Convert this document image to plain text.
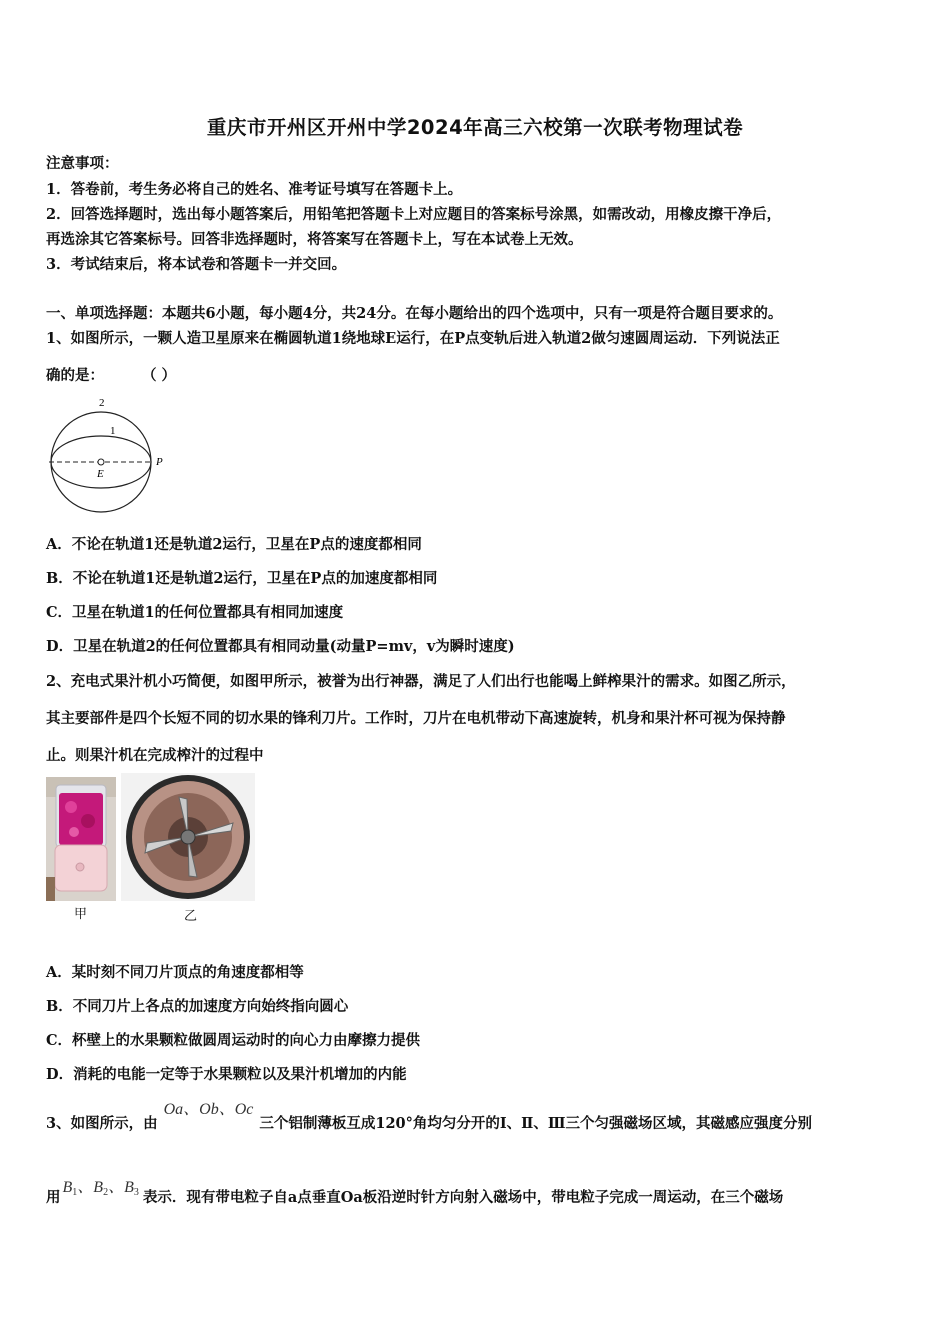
重庆市开州区开州中学2024年高三六校第一次联考物理试卷
注意事项：
1．答卷前，考生务必将自己的姓名、准考证号填写在答题卡上。
2．回答选择题时，选出每小题答案后，用铅笔把答题卡上对应题目的答案标号涂黑，如需改动，用橡皮擦干净后，
再选涂其它答案标号。回答非选择题时，将答案写在答题卡上，写在本试卷上无效。
3．考试结束后，将本试卷和答题卡一并交回。
一、单项选择题：本题共6小题，每小题4分，共24分。在每小题给出的四个选项中，只有一项是符合题目要求的。
1、如图所示，一颗人造卫星原来在椭圆轨道1绕地球E运行，在P点变轨后进入轨道2做匀速圆周运动．下列说法正
确的是：	（ ）
2
1
E
P
A．不论在轨道1还是轨道2运行，卫星在P点的速度都相同
B．不论在轨道1还是轨道2运行，卫星在P点的加速度都相同
C．卫星在轨道1的任何位置都具有相同加速度
D．卫星在轨道2的任何位置都具有相同动量(动量P=mv，v为瞬时速度)
2、充电式果汁机小巧简便，如图甲所示，被誉为出行神器，满足了人们出行也能喝上鲜榨果汁的需求。如图乙所示，
其主要部件是四个长短不同的切水果的锋利刀片。工作时，刀片在电机带动下高速旋转，机身和果汁杯可视为保持静
止。则果汁机在完成榨汁的过程中
甲	乙
A．某时刻不同刀片顶点的角速度都相等
B．不同刀片上各点的加速度方向始终指向圆心
C．杯壁上的水果颗粒做圆周运动时的向心力由摩擦力提供
D．消耗的电能一定等于水果颗粒以及果汁机增加的内能
3、如图所示，由Oa、Ob、Oc三个铝制薄板互成120°角均匀分开的Ⅰ、Ⅱ、Ⅲ三个匀强磁场区域，其磁感应强度分别
用$B_1$、$B_2$、$B_3$ 表示．现有带电粒子自a点垂直Oa板沿逆时针方向射入磁场中，带电粒子完成一周运动，在三个磁场
